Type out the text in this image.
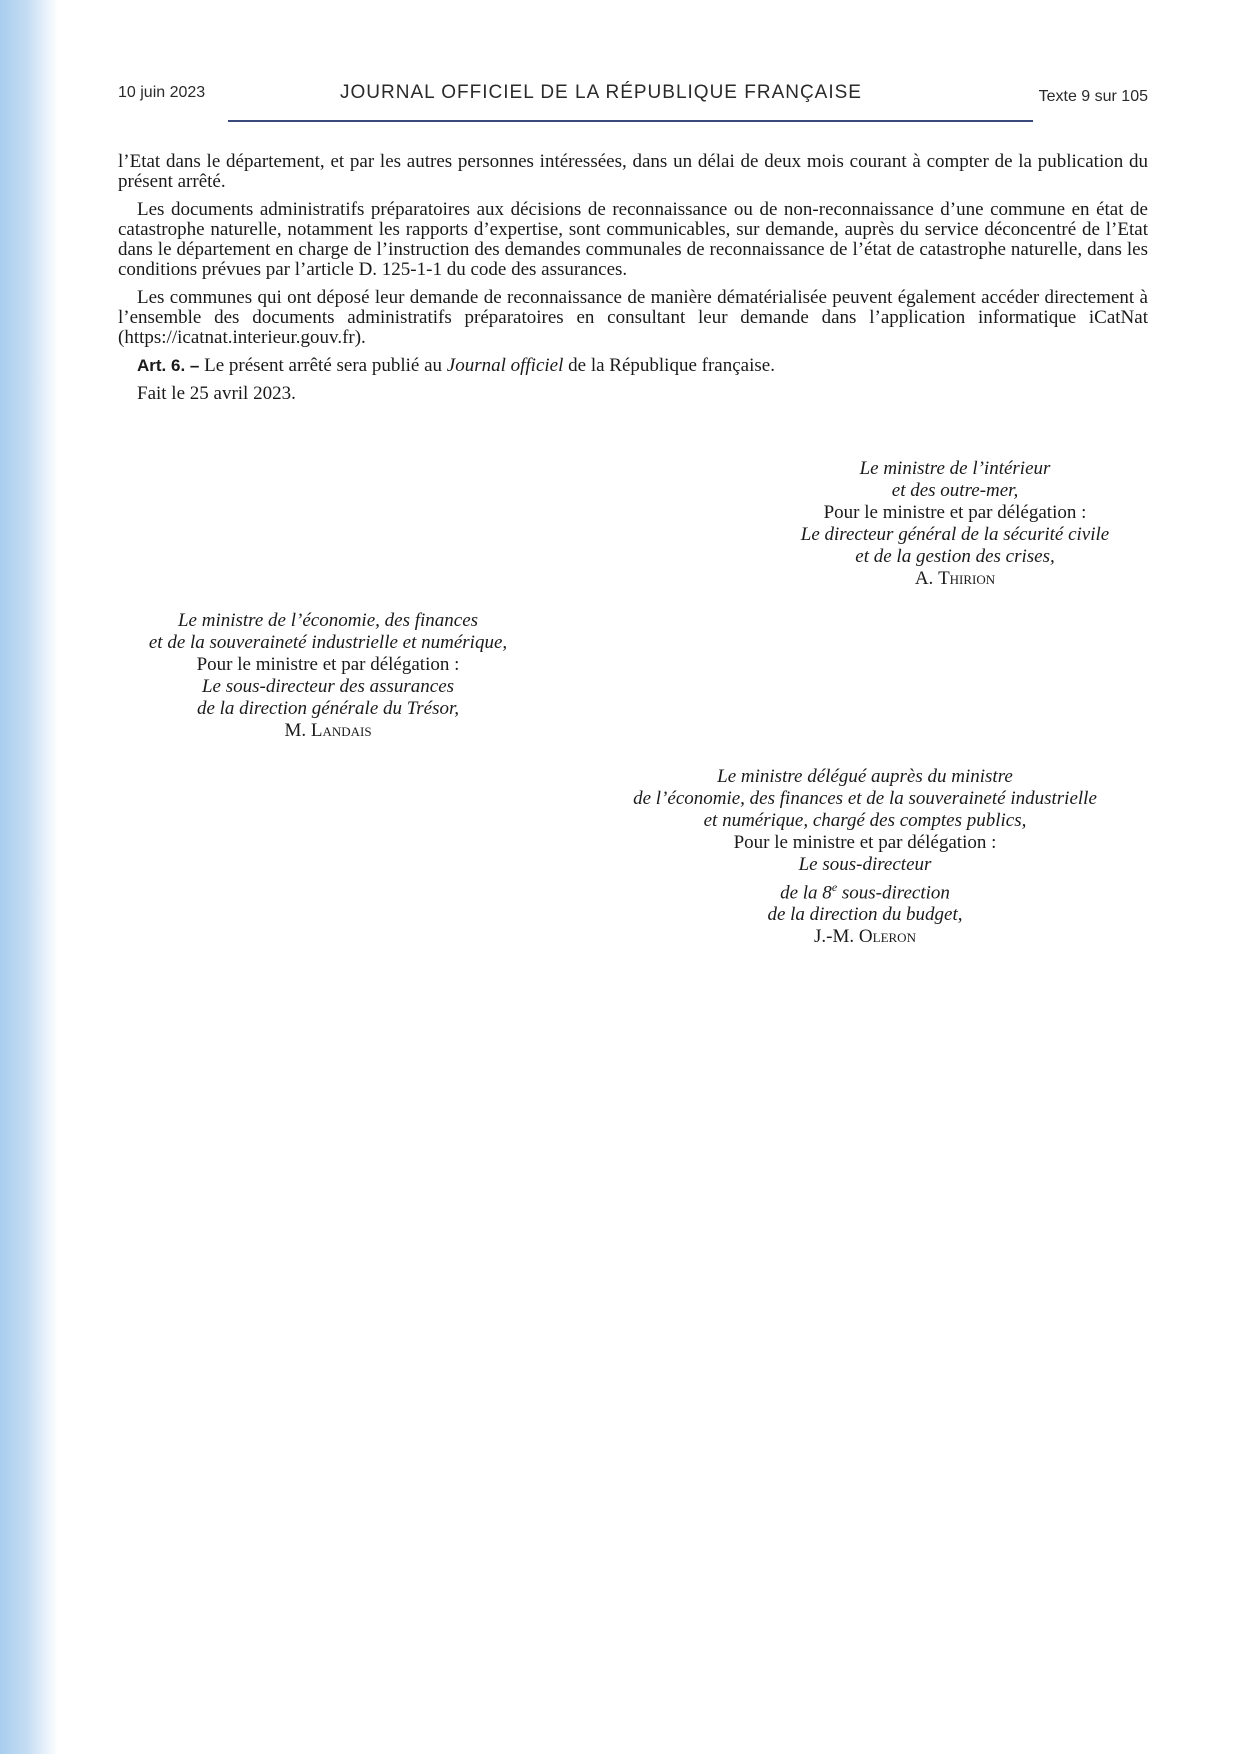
10 juin 2023	JOURNAL OFFICIEL DE LA RÉPUBLIQUE FRANÇAISE	Texte 9 sur 105

l’Etat dans le département, et par les autres personnes intéressées, dans un délai de deux mois courant à compter de la publication du présent arrêté.

Les documents administratifs préparatoires aux décisions de reconnaissance ou de non-reconnaissance d’une commune en état de catastrophe naturelle, notamment les rapports d’expertise, sont communicables, sur demande, auprès du service déconcentré de l’Etat dans le département en charge de l’instruction des demandes communales de reconnaissance de l’état de catastrophe naturelle, dans les conditions prévues par l’article D. 125-1-1 du code des assurances.

Les communes qui ont déposé leur demande de reconnaissance de manière dématérialisée peuvent également accéder directement à l’ensemble des documents administratifs préparatoires en consultant leur demande dans l’application informatique iCatNat (https://icatnat.interieur.gouv.fr).

Art. 6. – Le présent arrêté sera publié au Journal officiel de la République française.

Fait le 25 avril 2023.

Le ministre de l’intérieur
et des outre-mer,
Pour le ministre et par délégation :
Le directeur général de la sécurité civile
et de la gestion des crises,
A. Thirion
Le ministre de l’économie, des finances
et de la souveraineté industrielle et numérique,
Pour le ministre et par délégation :
Le sous-directeur des assurances
de la direction générale du Trésor,
M. Landais
Le ministre délégué auprès du ministre
de l’économie, des finances et de la souveraineté industrielle
et numérique, chargé des comptes publics,
Pour le ministre et par délégation :
Le sous-directeur
de la 8e sous-direction
de la direction du budget,
J.-M. Oleron
